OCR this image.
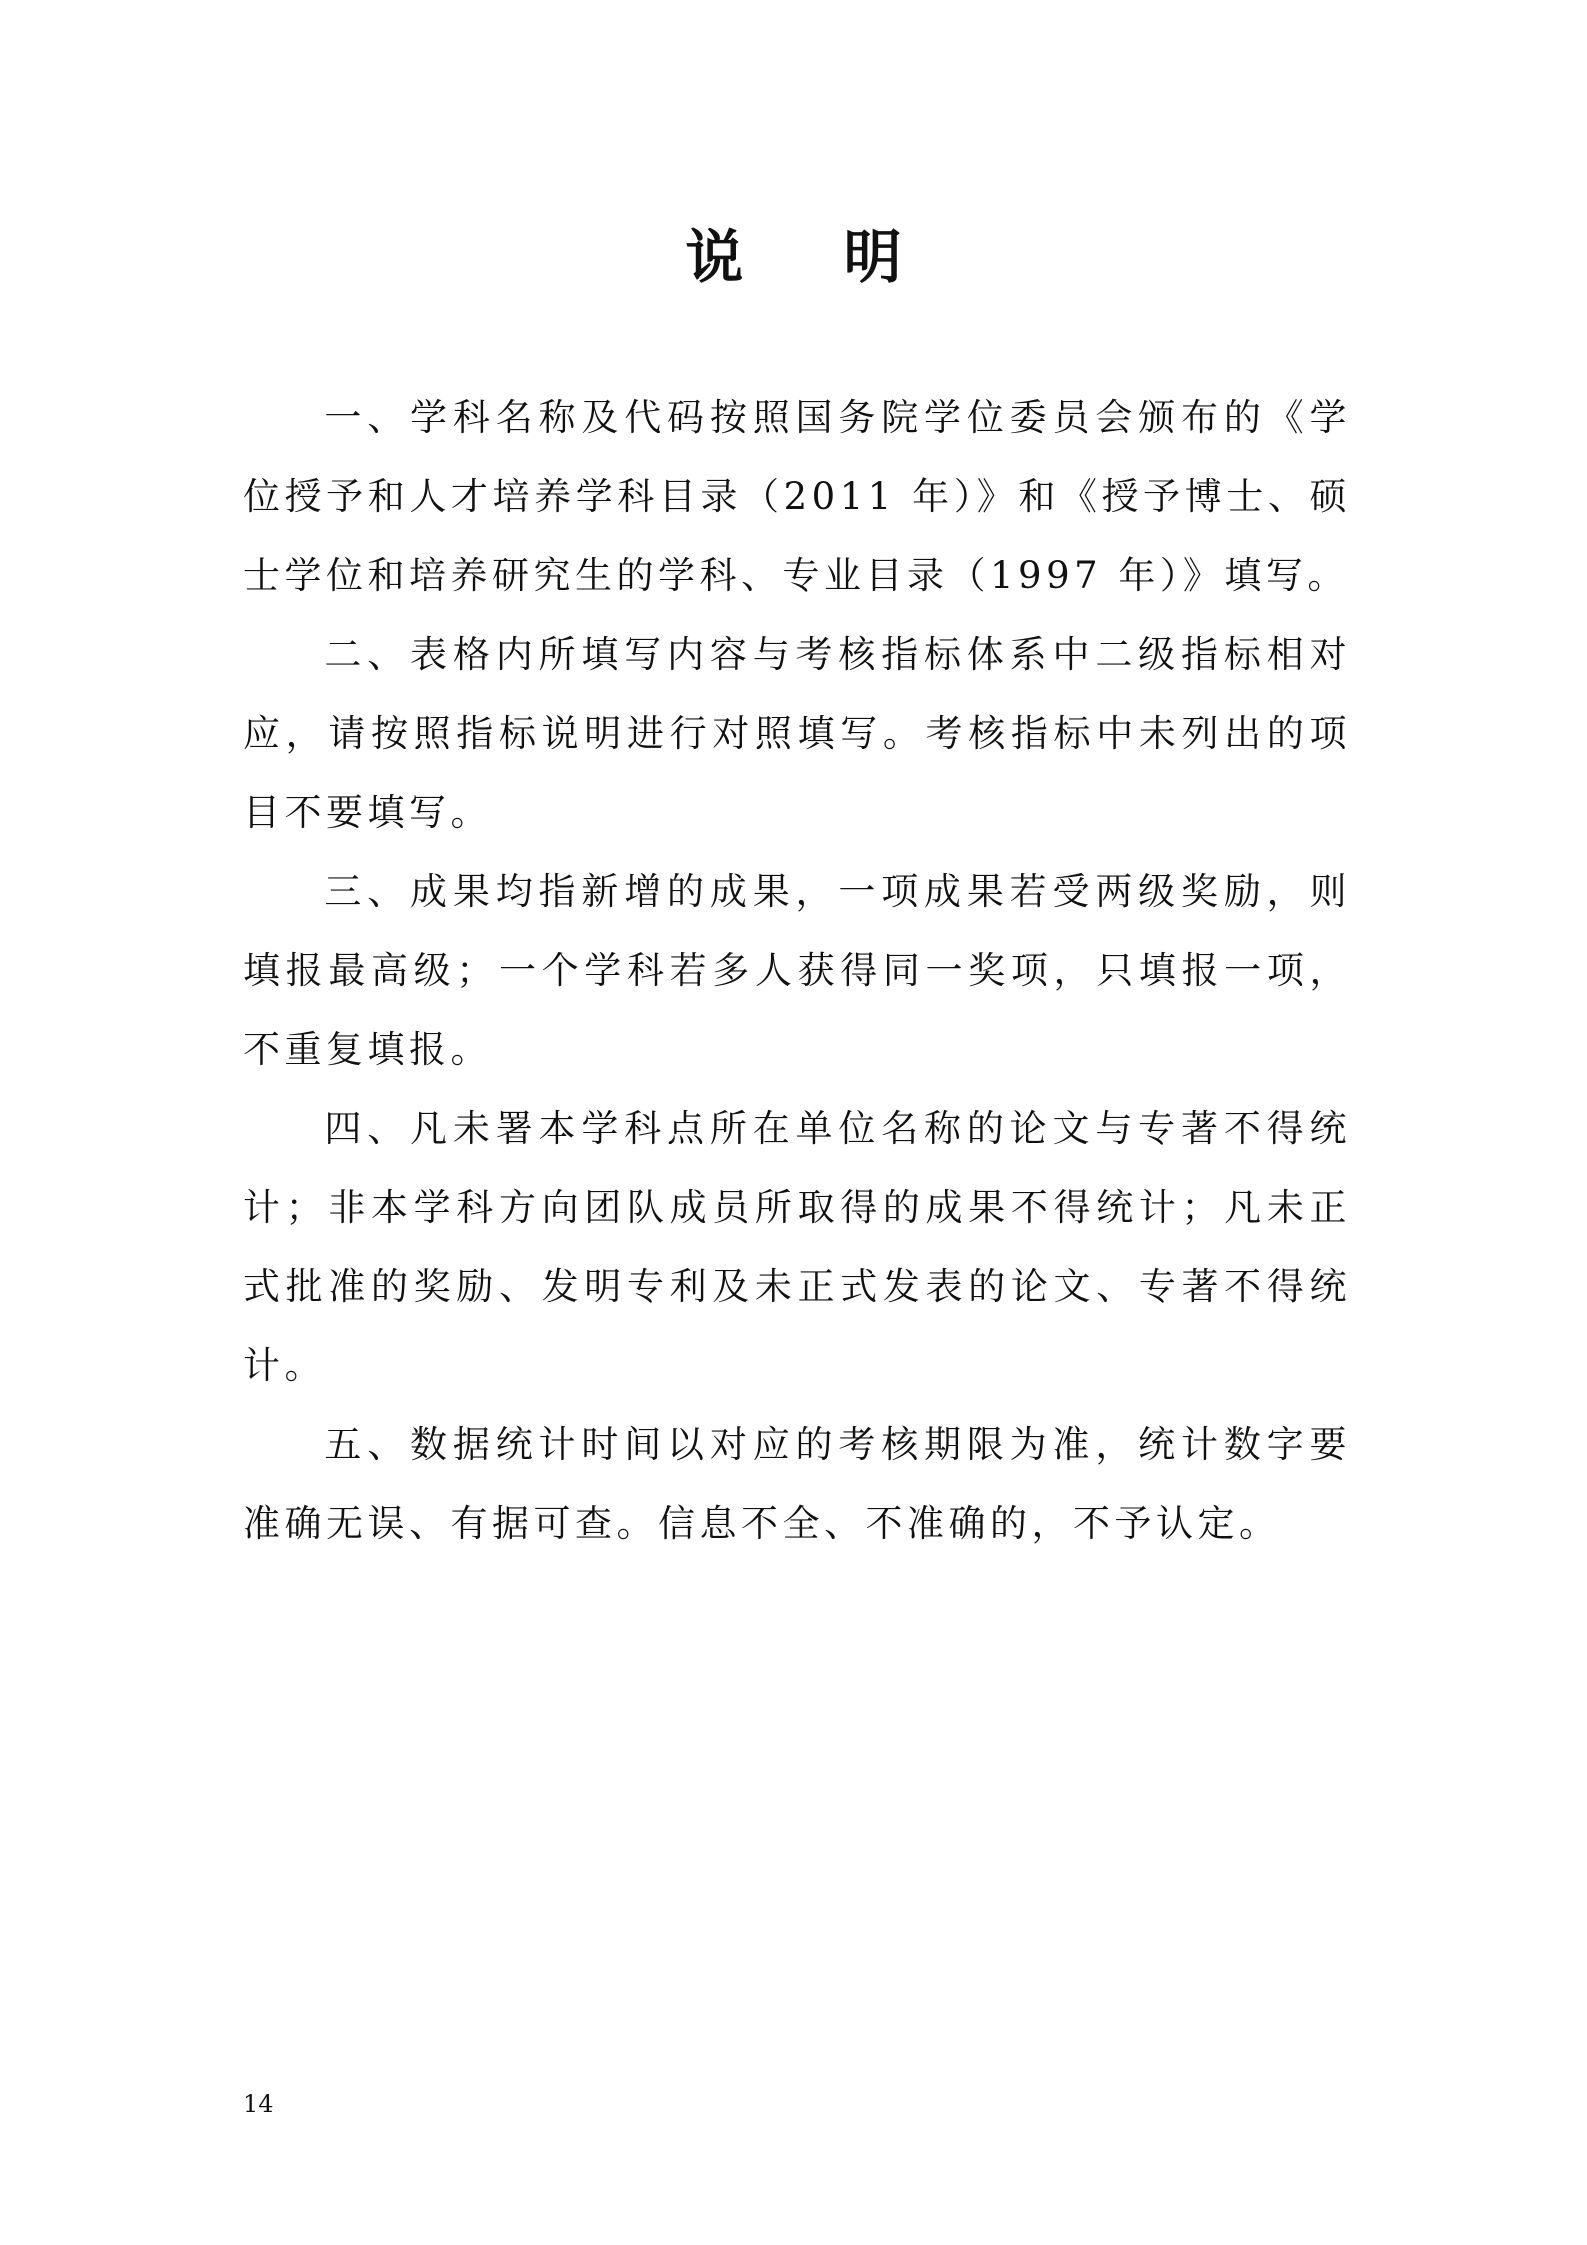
说 明

一、学科名称及代码按照国务院学位委员会颁布的《学位授予和人才培养学科目录（2011 年）》和《授予博士、硕士学位和培养研究生的学科、专业目录（1997 年）》填写。

二、表格内所填写内容与考核指标体系中二级指标相对应，请按照指标说明进行对照填写。考核指标中未列出的项目不要填写。

三、成果均指新增的成果，一项成果若受两级奖励，则填报最高级；一个学科若多人获得同一奖项，只填报一项，不重复填报。

四、凡未署本学科点所在单位名称的论文与专著不得统计；非本学科方向团队成员所取得的成果不得统计；凡未正式批准的奖励、发明专利及未正式发表的论文、专著不得统计。

五、数据统计时间以对应的考核期限为准，统计数字要准确无误、有据可查。信息不全、不准确的，不予认定。

14
